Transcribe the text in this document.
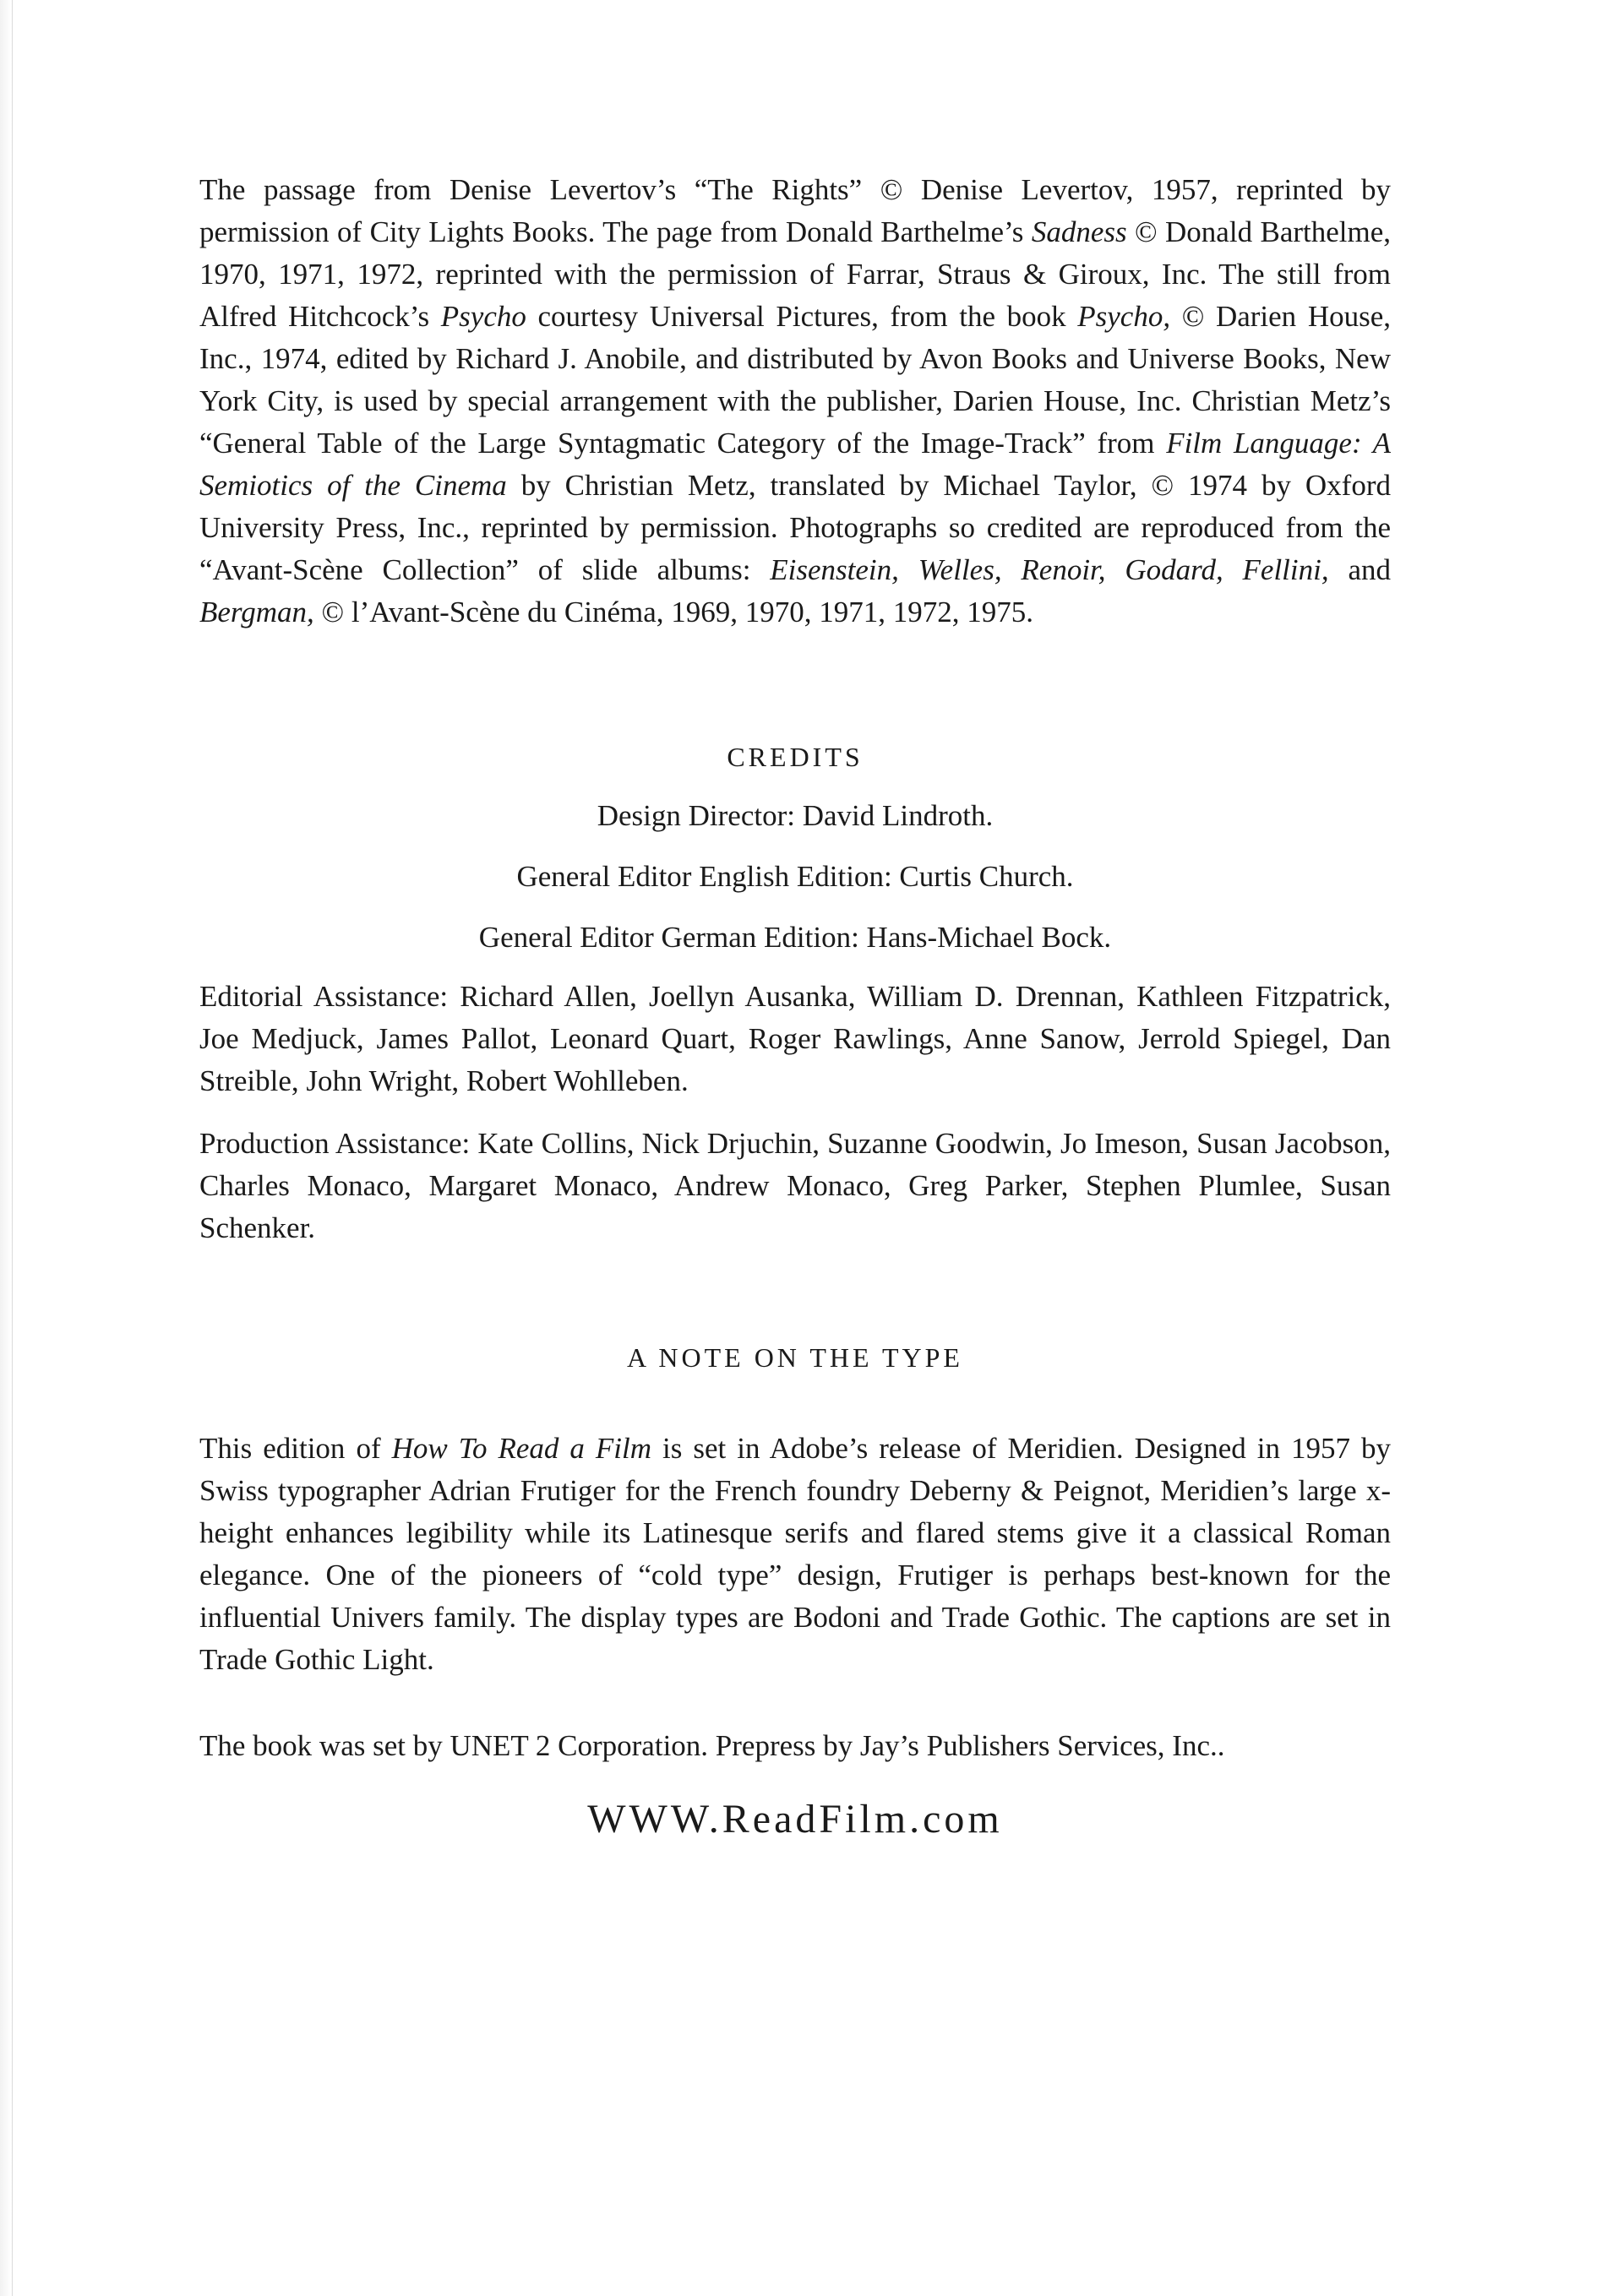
The passage from Denise Levertov’s “The Rights” © Denise Levertov, 1957, reprinted by permission of City Lights Books. The page from Donald Barthelme’s Sadness © Donald Barthelme, 1970, 1971, 1972, reprinted with the permission of Farrar, Straus & Giroux, Inc. The still from Alfred Hitchcock’s Psycho courtesy Universal Pictures, from the book Psycho, © Darien House, Inc., 1974, edited by Richard J. Anobile, and distributed by Avon Books and Universe Books, New York City, is used by special arrangement with the publisher, Darien House, Inc. Christian Metz’s “General Table of the Large Syntagmatic Category of the Image-Track” from Film Language: A Semiotics of the Cinema by Christian Metz, translated by Michael Taylor, © 1974 by Oxford University Press, Inc., reprinted by permission. Photographs so credited are reproduced from the “Avant-Scène Collection” of slide albums: Eisenstein, Welles, Renoir, Godard, Fellini, and Bergman, © l’Avant-Scène du Cinéma, 1969, 1970, 1971, 1972, 1975.

CREDITS

Design Director: David Lindroth.

General Editor English Edition: Curtis Church.

General Editor German Edition: Hans-Michael Bock.

Editorial Assistance: Richard Allen, Joellyn Ausanka, William D. Drennan, Kathleen Fitzpatrick, Joe Medjuck, James Pallot, Leonard Quart, Roger Rawlings, Anne Sanow, Jerrold Spiegel, Dan Streible, John Wright, Robert Wohlleben.

Production Assistance: Kate Collins, Nick Drjuchin, Suzanne Goodwin, Jo Imeson, Susan Jacobson, Charles Monaco, Margaret Monaco, Andrew Monaco, Greg Parker, Stephen Plumlee, Susan Schenker.

A NOTE ON THE TYPE

This edition of How To Read a Film is set in Adobe’s release of Meridien. Designed in 1957 by Swiss typographer Adrian Frutiger for the French foundry Deberny & Peignot, Meridien’s large x-height enhances legibility while its Latinesque serifs and flared stems give it a classical Roman elegance. One of the pioneers of “cold type” design, Frutiger is perhaps best-known for the influential Univers family. The display types are Bodoni and Trade Gothic. The captions are set in Trade Gothic Light.

The book was set by UNET 2 Corporation. Prepress by Jay’s Publishers Services, Inc..

WWW.ReadFilm.com
